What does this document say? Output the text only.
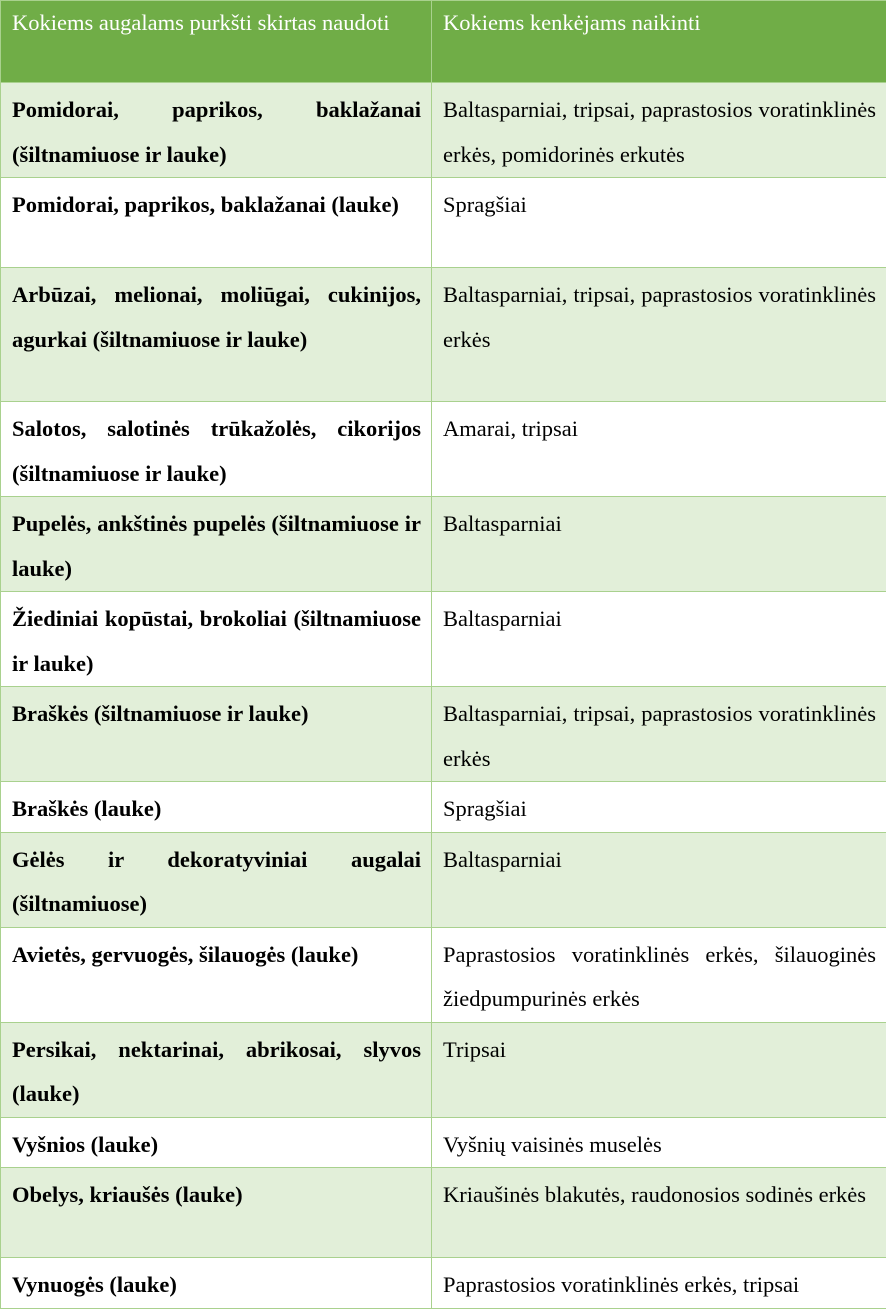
Kokiems augalams purkšti skirtas naudoti	Kokiems kenkėjams naikinti
Pomidorai, paprikos, baklažanai (šiltnamiuose ir lauke)	Baltasparniai, tripsai, paprastosios voratinklinės erkės, pomidorinės erkutės
Pomidorai, paprikos, baklažanai (lauke)	Spragšiai
Arbūzai, melionai, moliūgai, cukinijos, agurkai (šiltnamiuose ir lauke)	Baltasparniai, tripsai, paprastosios voratinklinės erkės
Salotos, salotinės trūkažolės, cikorijos (šiltnamiuose ir lauke)	Amarai, tripsai
Pupelės, ankštinės pupelės (šiltnamiuose ir lauke)	Baltasparniai
Žiediniai kopūstai, brokoliai (šiltnamiuose ir lauke)	Baltasparniai
Braškės (šiltnamiuose ir lauke)	Baltasparniai, tripsai, paprastosios voratinklinės erkės
Braškės (lauke)	Spragšiai
Gėlės ir dekoratyviniai augalai (šiltnamiuose)	Baltasparniai
Avietės, gervuogės, šilauogės (lauke)	Paprastosios voratinklinės erkės, šilauoginės žiedpumpurinės erkės
Persikai, nektarinai, abrikosai, slyvos (lauke)	Tripsai
Vyšnios (lauke)	Vyšnių vaisinės muselės
Obelys, kriaušės (lauke)	Kriaušinės blakutės, raudonosios sodinės erkės
Vynuogės (lauke)	Paprastosios voratinklinės erkės, tripsai
